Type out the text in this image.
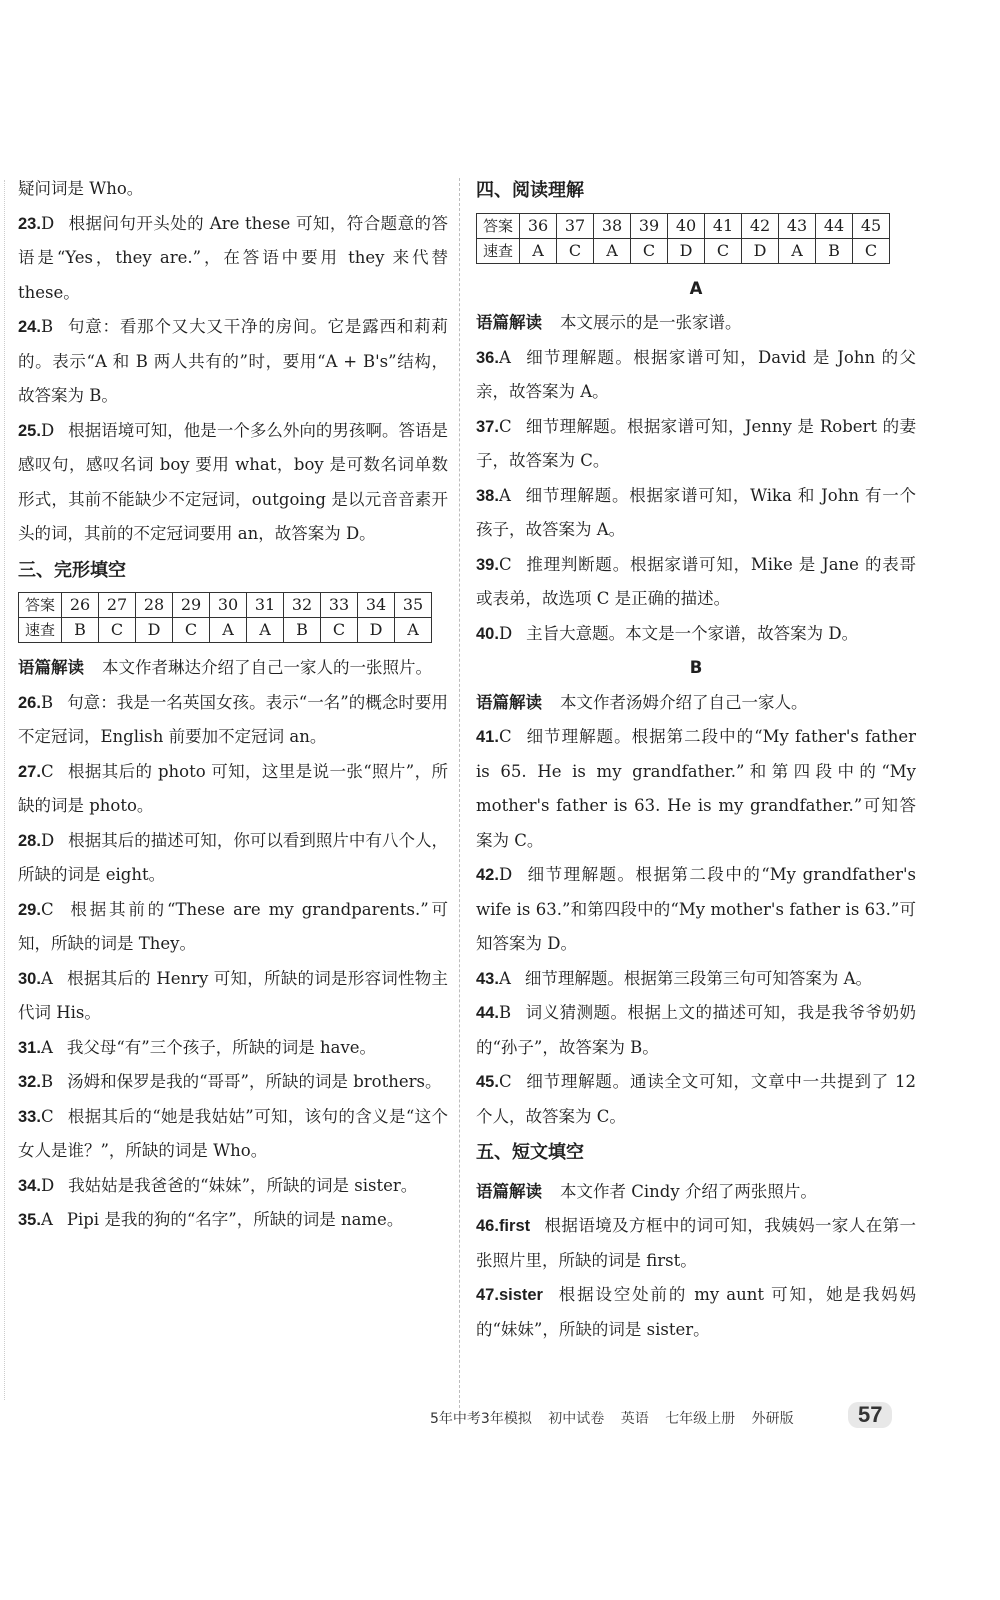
疑问词是 Who。

23.D 根据问句开头处的 Are these 可知，符合题意的答语是“Yes，they are.”，在答语中要用 they 来代替 these。

24.B 句意：看那个又大又干净的房间。它是露西和莉莉的。表示“A 和 B 两人共有的”时，要用“A + B's”结构，故答案为 B。

25.D 根据语境可知，他是一个多么外向的男孩啊。答语是感叹句，感叹名词 boy 要用 what，boy 是可数名词单数形式，其前不能缺少不定冠词，outgoing 是以元音音素开头的词，其前的不定冠词要用 an，故答案为 D。

三、完形填空
答案	26	27	28	29	30	31	32	33	34	35
速查	B	C	D	C	A	A	B	C	D	A

语篇解读 本文作者琳达介绍了自己一家人的一张照片。

26.B 句意：我是一名英国女孩。表示“一名”的概念时要用不定冠词，English 前要加不定冠词 an。

27.C 根据其后的 photo 可知，这里是说一张“照片”，所缺的词是 photo。

28.D 根据其后的描述可知，你可以看到照片中有八个人，所缺的词是 eight。

29.C 根据其前的“These are my grandparents.”可知，所缺的词是 They。

30.A 根据其后的 Henry 可知，所缺的词是形容词性物主代词 His。

31.A 我父母“有”三个孩子，所缺的词是 have。

32.B 汤姆和保罗是我的“哥哥”，所缺的词是 brothers。

33.C 根据其后的“她是我姑姑”可知，该句的含义是“这个女人是谁？”，所缺的词是 Who。

34.D 我姑姑是我爸爸的“妹妹”，所缺的词是 sister。

35.A Pipi 是我的狗的“名字”，所缺的词是 name。

四、阅读理解
答案	36	37	38	39	40	41	42	43	44	45
速查	A	C	A	C	D	C	D	A	B	C

A

语篇解读 本文展示的是一张家谱。

36.A 细节理解题。根据家谱可知，David 是 John 的父亲，故答案为 A。

37.C 细节理解题。根据家谱可知，Jenny 是 Robert 的妻子，故答案为 C。

38.A 细节理解题。根据家谱可知，Wika 和 John 有一个孩子，故答案为 A。

39.C 推理判断题。根据家谱可知，Mike 是 Jane 的表哥或表弟，故选项 C 是正确的描述。

40.D 主旨大意题。本文是一个家谱，故答案为 D。

B

语篇解读 本文作者汤姆介绍了自己一家人。

41.C 细节理解题。根据第二段中的“My father's father is 65. He is my grandfather.”和第四段中的“My mother's father is 63. He is my grandfather.”可知答案为 C。

42.D 细节理解题。根据第二段中的“My grandfather's wife is 63.”和第四段中的“My mother's father is 63.”可知答案为 D。

43.A 细节理解题。根据第三段第三句可知答案为 A。

44.B 词义猜测题。根据上文的描述可知，我是我爷爷奶奶的“孙子”，故答案为 B。

45.C 细节理解题。通读全文可知，文章中一共提到了 12 个人，故答案为 C。

五、短文填空

语篇解读 本文作者 Cindy 介绍了两张照片。

46.first 根据语境及方框中的词可知，我姨妈一家人在第一张照片里，所缺的词是 first。

47.sister 根据设空处前的 my aunt 可知，她是我妈妈的“妹妹”，所缺的词是 sister。

5年中考3年模拟 初中试卷 英语 七年级上册 外研版	57
